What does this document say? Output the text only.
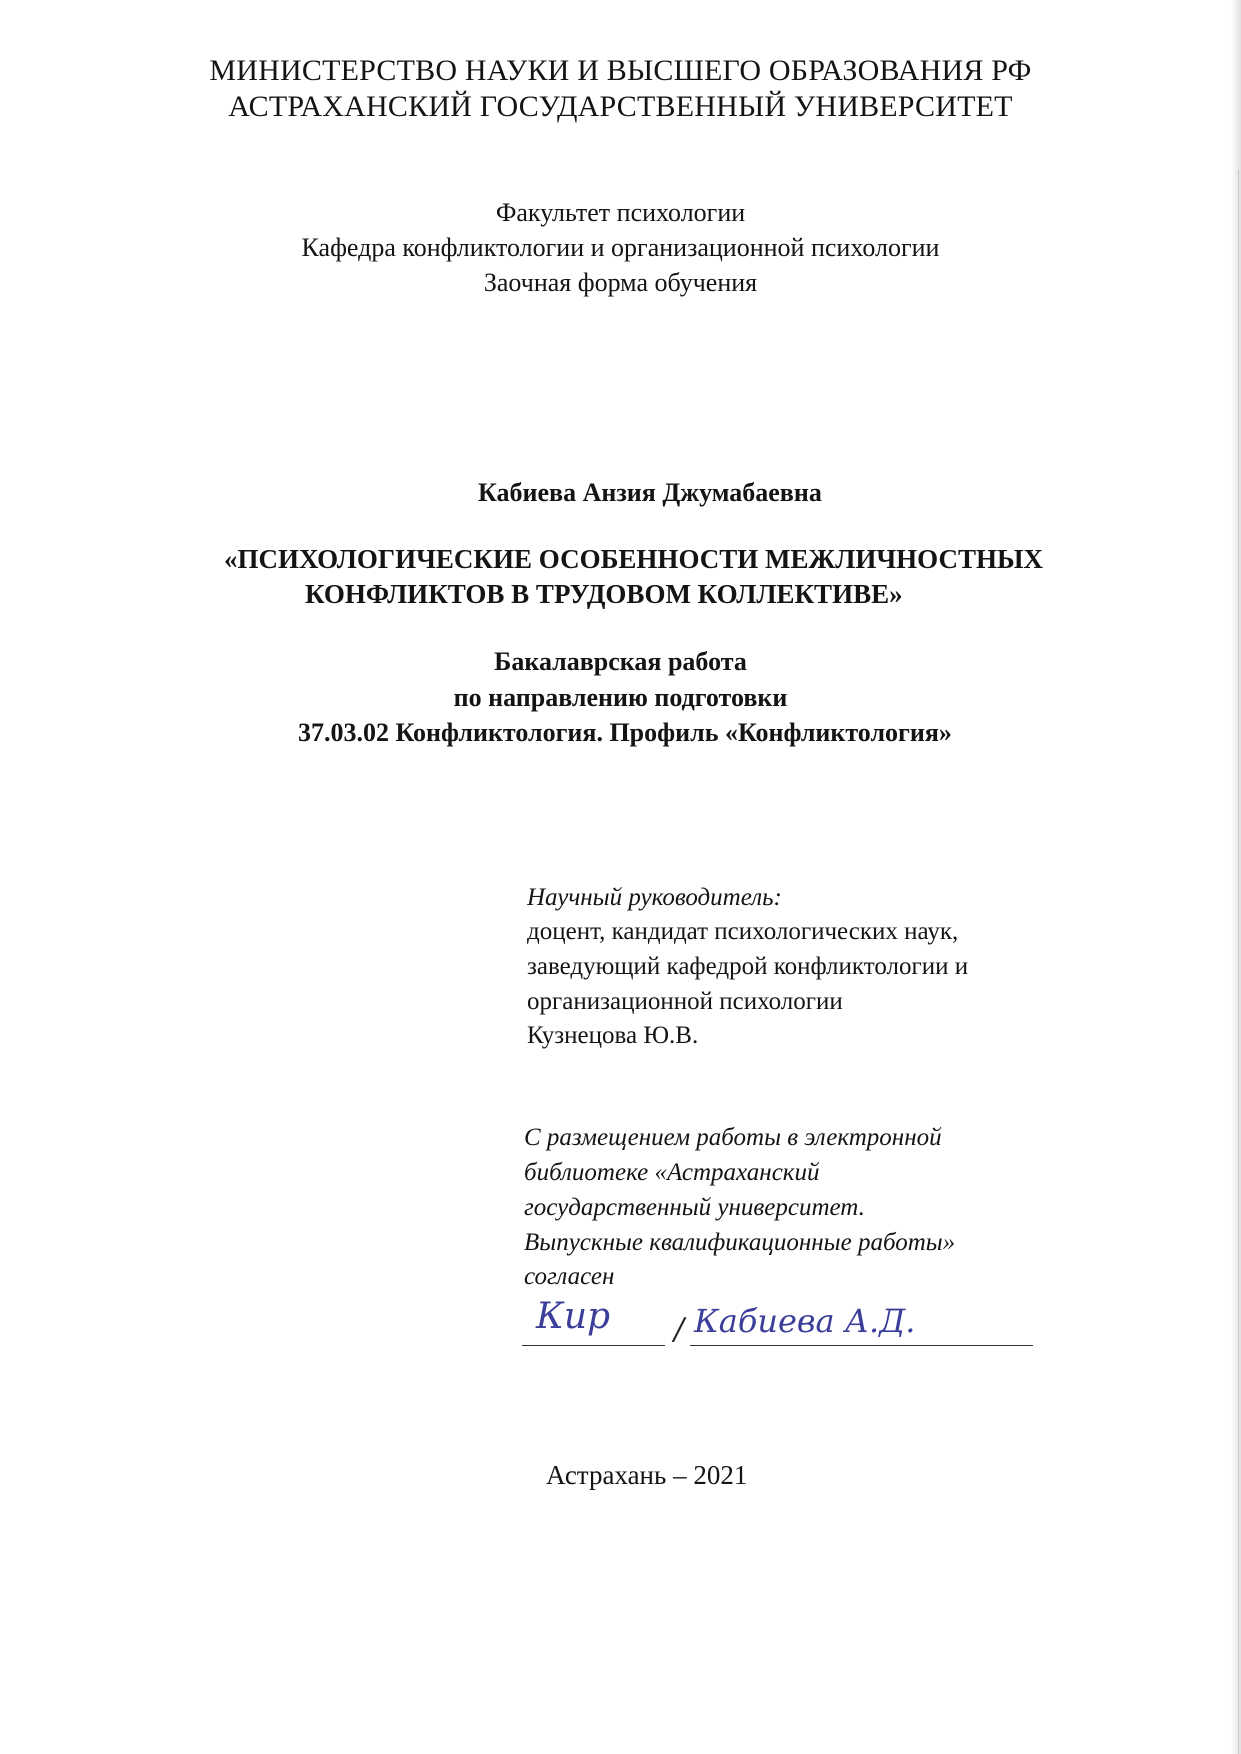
МИНИСТЕРСТВО НАУКИ И ВЫСШЕГО ОБРАЗОВАНИЯ РФ
АСТРАХАНСКИЙ ГОСУДАРСТВЕННЫЙ УНИВЕРСИТЕТ
Факультет психологии
Кафедра конфликтологии и организационной психологии
Заочная форма обучения
Кабиева Анзия Джумабаевна
«ПСИХОЛОГИЧЕСКИЕ ОСОБЕННОСТИ МЕЖЛИЧНОСТНЫХ
КОНФЛИКТОВ В ТРУДОВОМ КОЛЛЕКТИВЕ»
Бакалаврская работа
по направлению подготовки
37.03.02 Конфликтология. Профиль «Конфликтология»
Научный руководитель:
доцент, кандидат психологических наук,
заведующий кафедрой конфликтологии и
организационной психологии
Кузнецова Ю.В.
С размещением работы в электронной
библиотеке «Астраханский
государственный университет.
Выпускные квалификационные работы»
согласен
Кир / Кабиева А.Д.
Астрахань – 2021
